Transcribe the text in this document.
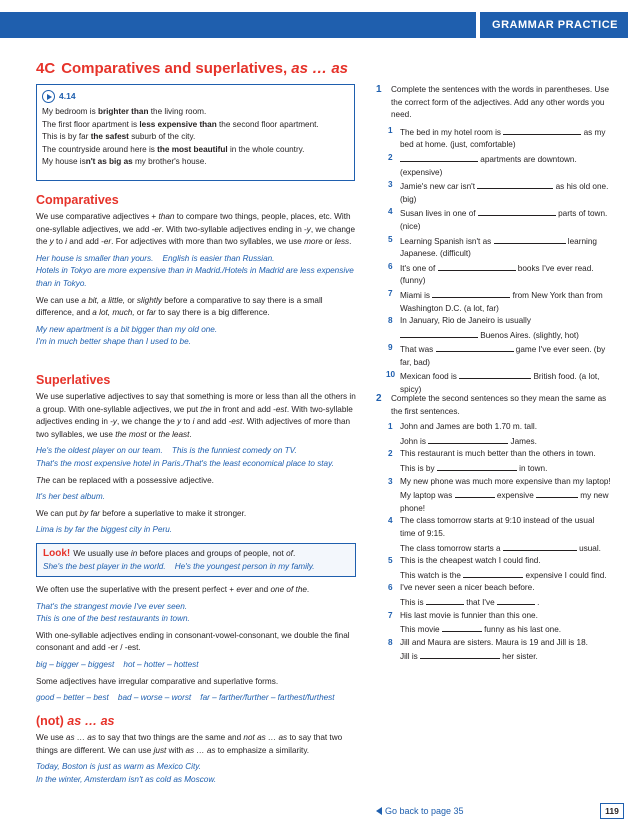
GRAMMAR PRACTICE
4C Comparatives and superlatives, as … as
4.14
My bedroom is brighter than the living room.
The first floor apartment is less expensive than the second floor apartment.
This is by far the safest suburb of the city.
The countryside around here is the most beautiful in the whole country.
My house isn't as big as my brother's house.
Comparatives
We use comparative adjectives + than to compare two things, people, places, etc. With one-syllable adjectives, we add -er. With two-syllable adjectives ending in -y, we change the y to i and add -er. For adjectives with more than two syllables, we use more or less.
Her house is smaller than yours.    English is easier than Russian.
Hotels in Tokyo are more expensive than in Madrid./Hotels in Madrid are less expensive than in Tokyo.
We can use a bit, a little, or slightly before a comparative to say there is a small difference, and a lot, much, or far to say there is a big difference.
My new apartment is a bit bigger than my old one.
I'm in much better shape than I used to be.
Superlatives
We use superlative adjectives to say that something is more or less than all the others in a group. With one-syllable adjectives, we put the in front and add -est. With two-syllable adjectives ending in -y, we change the y to i and add -est. With adjectives of more than two syllables, we use the most or the least.
He's the oldest player on our team.    This is the funniest comedy on TV.
That's the most expensive hotel in Paris./That's the least economical place to stay.
The can be replaced with a possessive adjective.
It's her best album.
We can put by far before a superlative to make it stronger.
Lima is by far the biggest city in Peru.
Look! We usually use in before places and groups of people, not of.
She's the best player in the world.    He's the youngest person in my family.
We often use the superlative with the present perfect + ever and one of the.
That's the strangest movie I've ever seen.
This is one of the best restaurants in town.
With one-syllable adjectives ending in consonant-vowel-consonant, we double the final consonant and add -er / -est.
big – bigger – biggest    hot – hotter – hottest
Some adjectives have irregular comparative and superlative forms.
good – better – best    bad – worse – worst    far – farther/further – farthest/furthest
(not) as … as
We use as … as to say that two things are the same and not as … as to say that two things are different. We can use just with as … as to emphasize a similarity.
Today, Boston is just as warm as Mexico City.
In the winter, Amsterdam isn't as cold as Moscow.
1 Complete the sentences with the words in parentheses. Use the correct form of the adjectives. Add any other words you need.
1 The bed in my hotel room is	as my bed at home. (just, comfortable)
2	apartments are downtown. (expensive)
3 Jamie's new car isn't	as his old one. (big)
4 Susan lives in one of	parts of town. (nice)
5 Learning Spanish isn't as	learning Japanese. (difficult)
6 It's one of	books I've ever read. (funny)
7 Miami is	from New York than from Washington D.C. (a lot, far)
8 In January, Rio de Janeiro is usually  Buenos Aires. (slightly, hot)
9 That was	game I've ever seen. (by far, bad)
10 Mexican food is	British food. (a lot, spicy)
2 Complete the second sentences so they mean the same as the first sentences.
1 John and James are both 1.70 m. tall.
John is	James.
2 This restaurant is much better than the others in town.
This is by	in town.
3 My new phone was much more expensive than my laptop!
My laptop was	expensive	my new phone!
4 The class tomorrow starts at 9:10 instead of the usual time of 9:15.
The class tomorrow starts a	usual.
5 This is the cheapest watch I could find.
This watch is the	expensive I could find.
6 I've never seen a nicer beach before.
This is	that I've	.
7 His last movie is funnier than this one.
This movie	funny as his last one.
8 Jill and Maura are sisters. Maura is 19 and Jill is 18.
Jill is	her sister.
Go back to page 35	119
